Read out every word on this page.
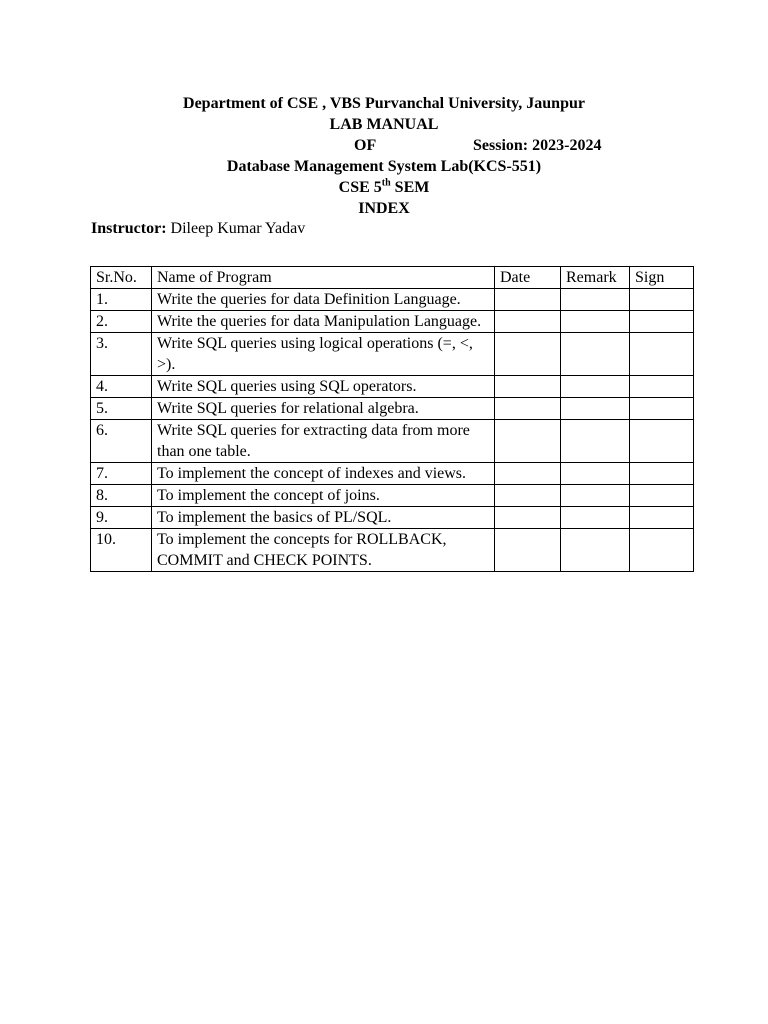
Department of CSE , VBS Purvanchal University, Jaunpur
LAB MANUAL
OF	Session: 2023-2024
Database Management System Lab(KCS-551)
CSE 5th SEM
INDEX
Instructor: Dileep Kumar Yadav
Sr.No.	Name of Program	Date	Remark	Sign
1.	Write the queries for data Definition Language.			
2.	Write the queries for data Manipulation Language.			
3.	Write SQL queries using logical operations (=, <, >).			
4.	Write SQL queries using SQL operators.			
5.	Write SQL queries for relational algebra.			
6.	Write SQL queries for extracting data from more than one table.			
7.	To implement the concept of indexes and views.			
8.	To implement the concept of joins.			
9.	To implement the basics of PL/SQL.			
10.	To implement the concepts for ROLLBACK, COMMIT and CHECK POINTS.			
